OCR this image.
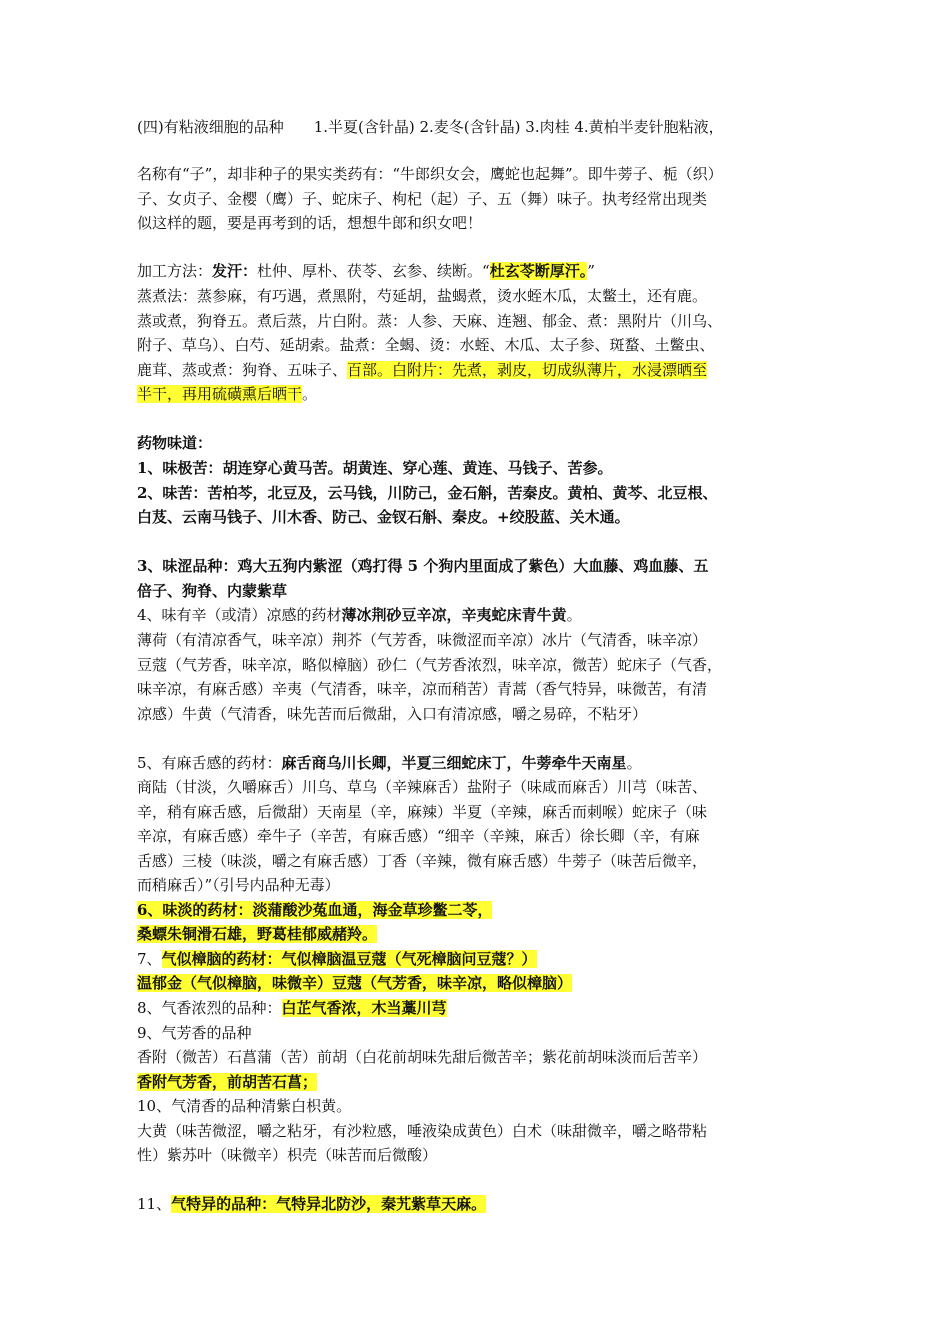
(四)有粘液细胞的品种　　1.半夏(含针晶) 2.麦冬(含针晶) 3.肉桂 4.黄柏半麦针胞粘液，
名称有“子”，却非种子的果实类药有：“牛郎织女会，鹰蛇也起舞”。即牛蒡子、栀（织）
子、女贞子、金樱（鹰）子、蛇床子、枸杞（起）子、五（舞）味子。执考经常出现类
似这样的题，要是再考到的话，想想牛郎和织女吧！
加工方法：发汗：杜仲、厚朴、茯苓、玄参、续断。“杜玄苓断厚汗。”
蒸煮法：蒸参麻，有巧遇，煮黑附，芍延胡，盐蝎煮，烫水蛭木瓜，太鳖土，还有鹿。
蒸或煮，狗脊五。煮后蒸，片白附。蒸：人参、天麻、连翘、郁金、煮：黑附片（川乌、
附子、草乌）、白芍、延胡索。盐煮：全蝎、烫：水蛭、木瓜、太子参、斑蝥、土鳖虫、
鹿茸、蒸或煮：狗脊、五味子、百部。白附片：先煮，剥皮，切成纵薄片，水浸漂晒至
半干，再用硫磺熏后晒干。
药物味道：
1、味极苦：胡连穿心黄马苦。胡黄连、穿心莲、黄连、马钱子、苦参。
2、味苦：苦柏芩，北豆及，云马钱，川防己，金石斛，苦秦皮。黄柏、黄芩、北豆根、
白芨、云南马钱子、川木香、防己、金钗石斛、秦皮。+绞股蓝、关木通。
3、味涩品种：鸡大五狗内紫涩（鸡打得 5 个狗内里面成了紫色）大血藤、鸡血藤、五
倍子、狗脊、内蒙紫草
4、味有辛（或清）凉感的药材薄冰荆砂豆辛凉，辛夷蛇床青牛黄。
薄荷（有清凉香气，味辛凉）荆芥（气芳香，味微涩而辛凉）冰片（气清香，味辛凉）
豆蔻（气芳香，味辛凉，略似樟脑）砂仁（气芳香浓烈，味辛凉，微苦）蛇床子（气香，
味辛凉，有麻舌感）辛夷（气清香，味辛，凉而稍苦）青蒿（香气特异，味微苦，有清
凉感）牛黄（气清香，味先苦而后微甜，入口有清凉感，嚼之易碎，不粘牙）
5、有麻舌感的药材：麻舌商乌川长卿，半夏三细蛇床丁，牛蒡牵牛天南星。
商陆（甘淡，久嚼麻舌）川乌、草乌（辛辣麻舌）盐附子（味咸而麻舌）川芎（味苦、
辛，稍有麻舌感，后微甜）天南星（辛，麻辣）半夏（辛辣，麻舌而刺喉）蛇床子（味
辛凉，有麻舌感）牵牛子（辛苦，有麻舌感）“细辛（辛辣，麻舌）徐长卿（辛，有麻
舌感）三棱（味淡，嚼之有麻舌感）丁香（辛辣，微有麻舌感）牛蒡子（味苦后微辛，
而稍麻舌）”（引号内品种无毒）
6、味淡的药材：淡蒲酸沙菟血通，海金草珍鳖二苓，
桑螵朱铜滑石雄，野葛桂郁威赭羚。
7、气似樟脑的药材：气似樟脑温豆蔻（气死樟脑问豆蔻？）
温郁金（气似樟脑，味微辛）豆蔻（气芳香，味辛凉，略似樟脑）
8、气香浓烈的品种：白芷气香浓，木当藁川芎
9、气芳香的品种
香附（微苦）石菖蒲（苦）前胡（白花前胡味先甜后微苦辛；紫花前胡味淡而后苦辛）
香附气芳香，前胡苦石菖；
10、气清香的品种清紫白枳黄。
大黄（味苦微涩，嚼之粘牙，有沙粒感，唾液染成黄色）白术（味甜微辛，嚼之略带粘
性）紫苏叶（味微辛）枳壳（味苦而后微酸）
11、气特异的品种：气特异北防沙，秦艽紫草天麻。
